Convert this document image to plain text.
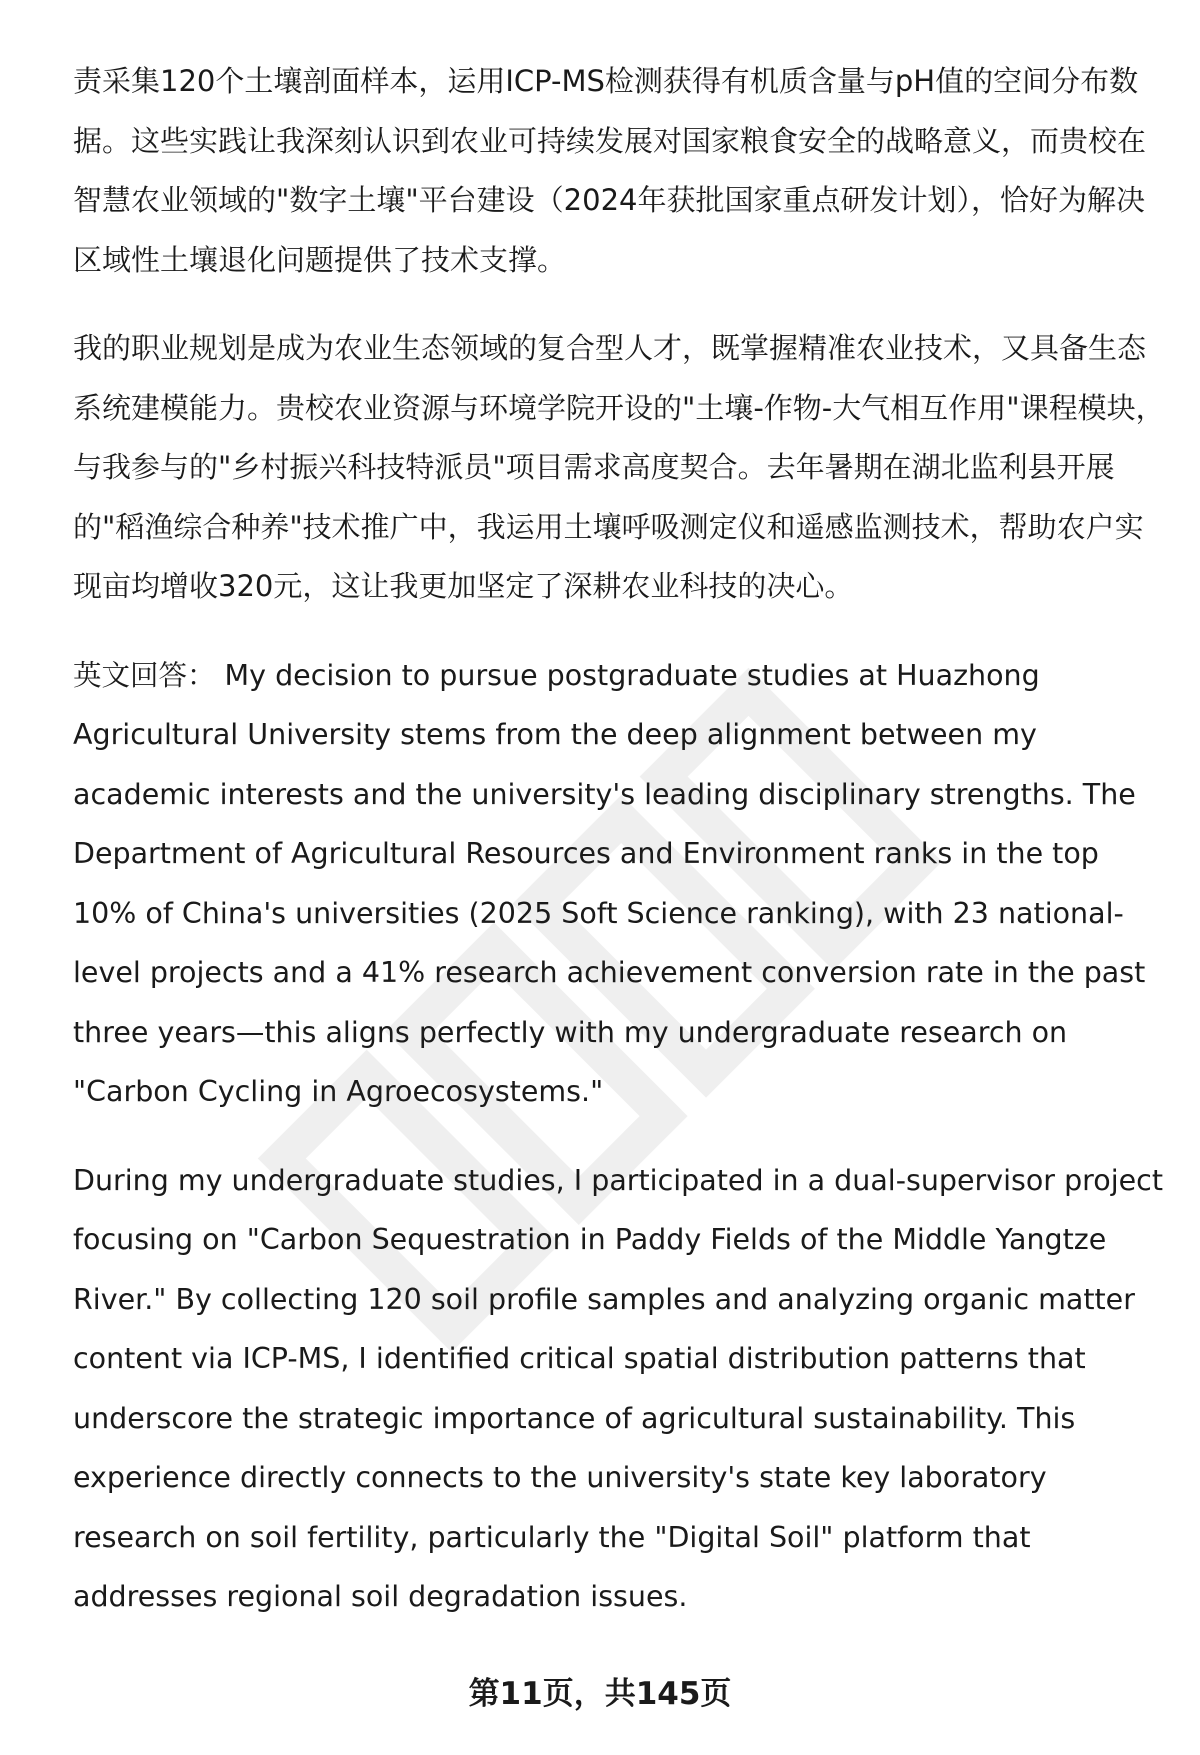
责采集120个土壤剖面样本，运用ICP-MS检测获得有机质含量与pH值的空间分布数据。这些实践让我深刻认识到农业可持续发展对国家粮食安全的战略意义，而贵校在智慧农业领域的"数字土壤"平台建设（2024年获批国家重点研发计划），恰好为解决区域性土壤退化问题提供了技术支撑。

我的职业规划是成为农业生态领域的复合型人才，既掌握精准农业技术，又具备生态系统建模能力。贵校农业资源与环境学院开设的"土壤-作物-大气相互作用"课程模块，与我参与的"乡村振兴科技特派员"项目需求高度契合。去年暑期在湖北监利县开展的"稻渔综合种养"技术推广中，我运用土壤呼吸测定仪和遥感监测技术，帮助农户实现亩均增收320元，这让我更加坚定了深耕农业科技的决心。

英文回答： My decision to pursue postgraduate studies at Huazhong Agricultural University stems from the deep alignment between my academic interests and the university's leading disciplinary strengths. The Department of Agricultural Resources and Environment ranks in the top 10% of China's universities (2025 Soft Science ranking), with 23 national-level projects and a 41% research achievement conversion rate in the past three years—this aligns perfectly with my undergraduate research on "Carbon Cycling in Agroecosystems."

During my undergraduate studies, I participated in a dual-supervisor project focusing on "Carbon Sequestration in Paddy Fields of the Middle Yangtze River." By collecting 120 soil profile samples and analyzing organic matter content via ICP-MS, I identified critical spatial distribution patterns that underscore the strategic importance of agricultural sustainability. This experience directly connects to the university's state key laboratory research on soil fertility, particularly the "Digital Soil" platform that addresses regional soil degradation issues.

第11页，共145页
